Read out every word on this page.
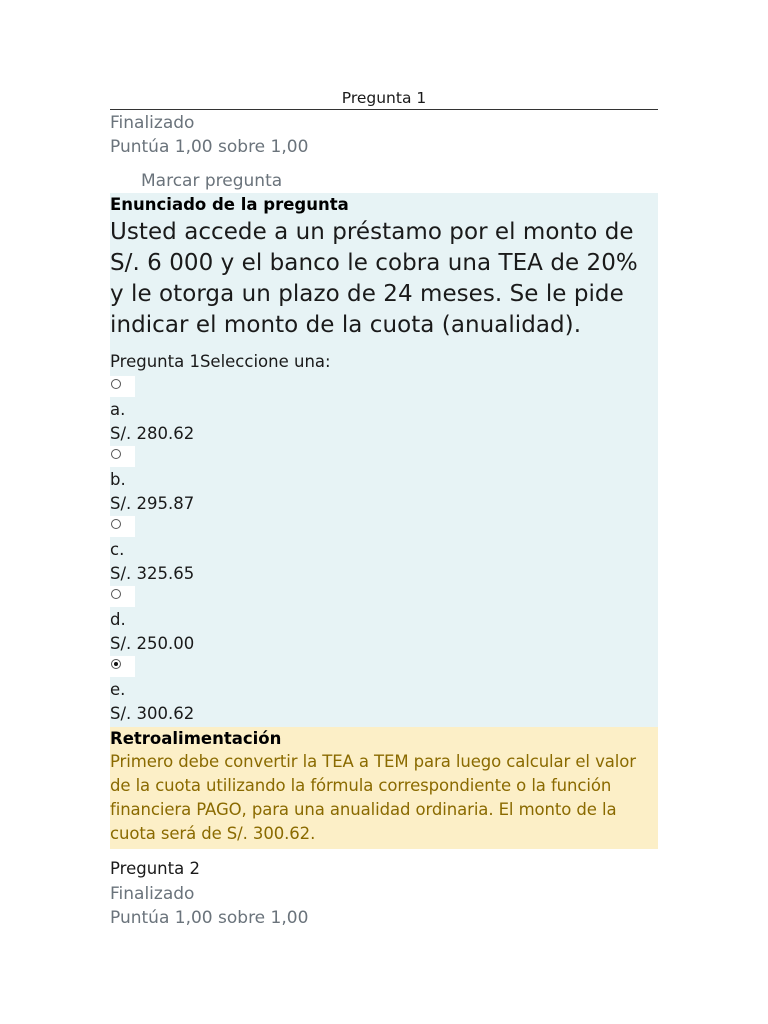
Pregunta 1
Finalizado
Puntúa 1,00 sobre 1,00
Marcar pregunta
Enunciado de la pregunta
Usted accede a un préstamo por el monto de S/. 6 000 y el banco le cobra una TEA de 20% y le otorga un plazo de 24 meses. Se le pide indicar el monto de la cuota (anualidad).
Pregunta 1Seleccione una:
a.
S/. 280.62
b.
S/. 295.87
c.
S/. 325.65
d.
S/. 250.00
e.
S/. 300.62
Retroalimentación
Primero debe convertir la TEA a TEM para luego calcular el valor de la cuota utilizando la fórmula correspondiente o la función financiera PAGO, para una anualidad ordinaria. El monto de la cuota será de S/. 300.62.
Pregunta 2
Finalizado
Puntúa 1,00 sobre 1,00
